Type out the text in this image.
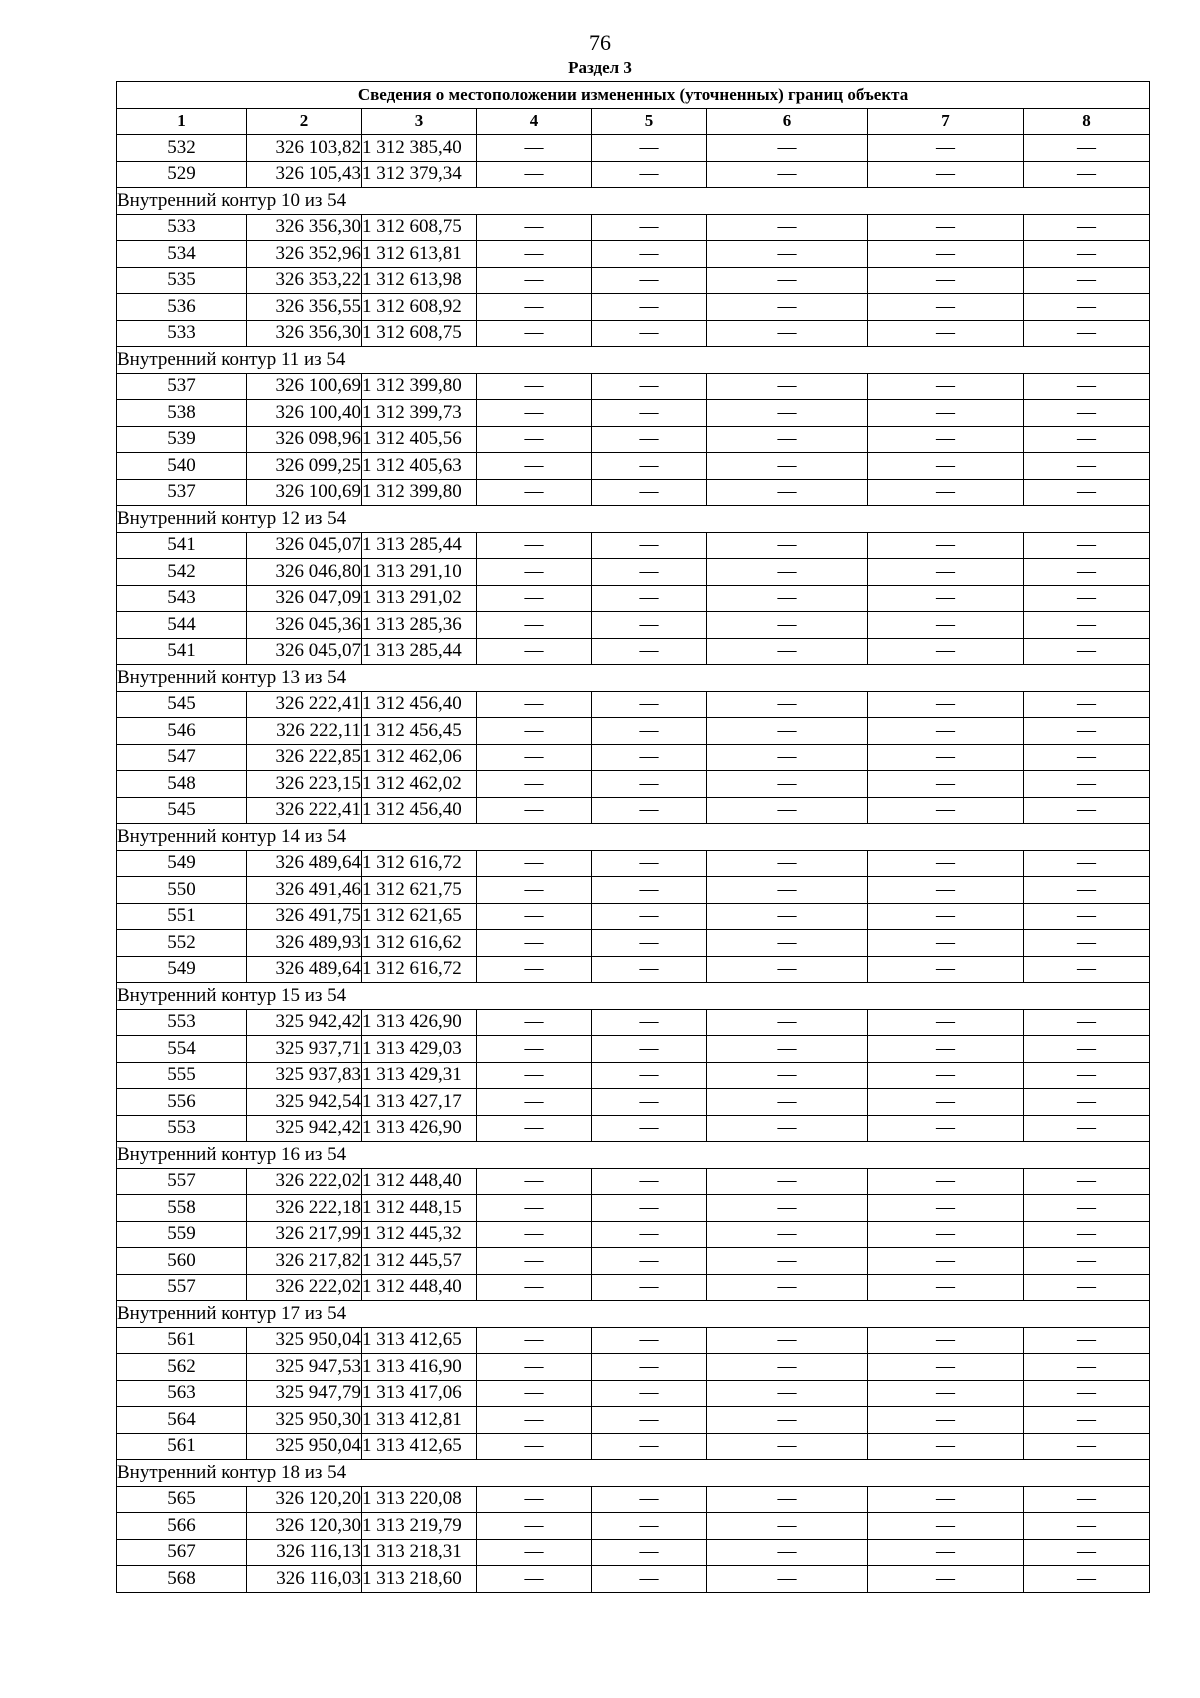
76
Раздел 3
Сведения о местоположении измененных (уточненных) границ объекта							
1	2	3	4	5	6	7	8
532	326 103,82	1 312 385,40	—	—	—	—	—
529	326 105,43	1 312 379,34	—	—	—	—	—
Внутренний контур 10 из 54							
533	326 356,30	1 312 608,75	—	—	—	—	—
534	326 352,96	1 312 613,81	—	—	—	—	—
535	326 353,22	1 312 613,98	—	—	—	—	—
536	326 356,55	1 312 608,92	—	—	—	—	—
533	326 356,30	1 312 608,75	—	—	—	—	—
Внутренний контур 11 из 54							
537	326 100,69	1 312 399,80	—	—	—	—	—
538	326 100,40	1 312 399,73	—	—	—	—	—
539	326 098,96	1 312 405,56	—	—	—	—	—
540	326 099,25	1 312 405,63	—	—	—	—	—
537	326 100,69	1 312 399,80	—	—	—	—	—
Внутренний контур 12 из 54							
541	326 045,07	1 313 285,44	—	—	—	—	—
542	326 046,80	1 313 291,10	—	—	—	—	—
543	326 047,09	1 313 291,02	—	—	—	—	—
544	326 045,36	1 313 285,36	—	—	—	—	—
541	326 045,07	1 313 285,44	—	—	—	—	—
Внутренний контур 13 из 54							
545	326 222,41	1 312 456,40	—	—	—	—	—
546	326 222,11	1 312 456,45	—	—	—	—	—
547	326 222,85	1 312 462,06	—	—	—	—	—
548	326 223,15	1 312 462,02	—	—	—	—	—
545	326 222,41	1 312 456,40	—	—	—	—	—
Внутренний контур 14 из 54							
549	326 489,64	1 312 616,72	—	—	—	—	—
550	326 491,46	1 312 621,75	—	—	—	—	—
551	326 491,75	1 312 621,65	—	—	—	—	—
552	326 489,93	1 312 616,62	—	—	—	—	—
549	326 489,64	1 312 616,72	—	—	—	—	—
Внутренний контур 15 из 54							
553	325 942,42	1 313 426,90	—	—	—	—	—
554	325 937,71	1 313 429,03	—	—	—	—	—
555	325 937,83	1 313 429,31	—	—	—	—	—
556	325 942,54	1 313 427,17	—	—	—	—	—
553	325 942,42	1 313 426,90	—	—	—	—	—
Внутренний контур 16 из 54							
557	326 222,02	1 312 448,40	—	—	—	—	—
558	326 222,18	1 312 448,15	—	—	—	—	—
559	326 217,99	1 312 445,32	—	—	—	—	—
560	326 217,82	1 312 445,57	—	—	—	—	—
557	326 222,02	1 312 448,40	—	—	—	—	—
Внутренний контур 17 из 54							
561	325 950,04	1 313 412,65	—	—	—	—	—
562	325 947,53	1 313 416,90	—	—	—	—	—
563	325 947,79	1 313 417,06	—	—	—	—	—
564	325 950,30	1 313 412,81	—	—	—	—	—
561	325 950,04	1 313 412,65	—	—	—	—	—
Внутренний контур 18 из 54							
565	326 120,20	1 313 220,08	—	—	—	—	—
566	326 120,30	1 313 219,79	—	—	—	—	—
567	326 116,13	1 313 218,31	—	—	—	—	—
568	326 116,03	1 313 218,60	—	—	—	—	—
